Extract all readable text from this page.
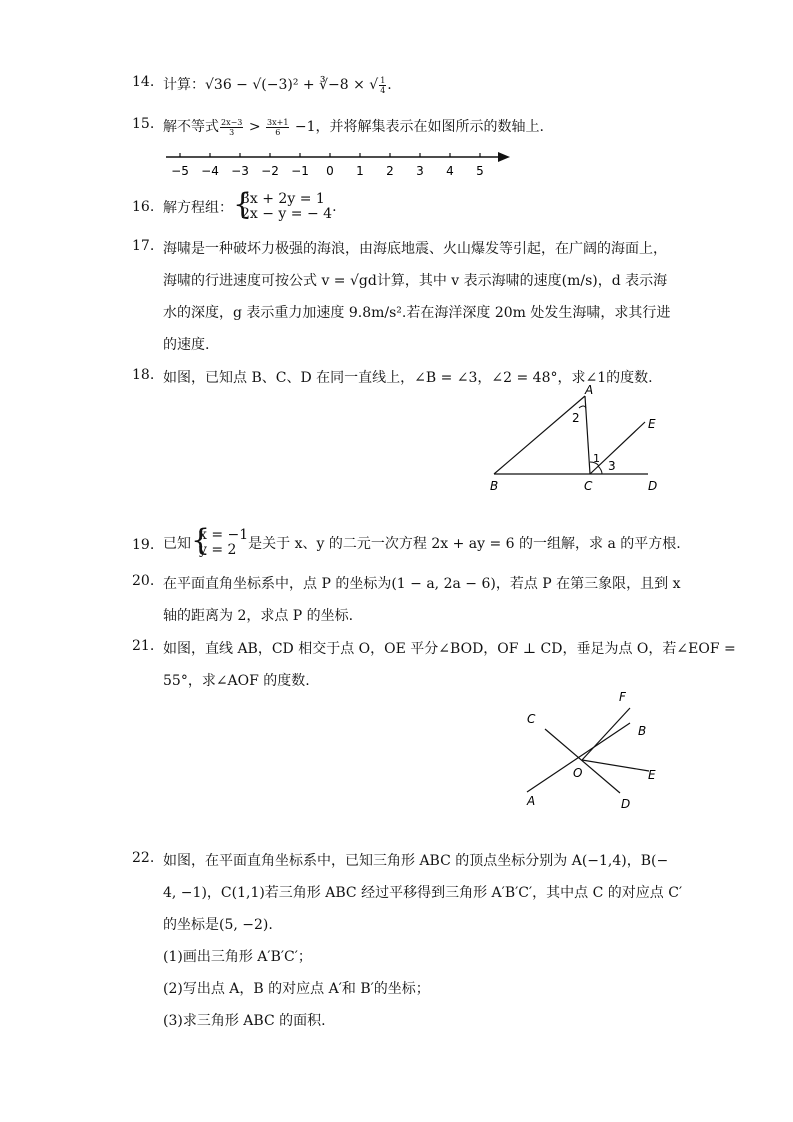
14. 计算：√36 − √(−3)² + ∛−8 × √ $\frac{1}{4}$ .
15. 解不等式 $\frac{2x-3}{3} > \frac{3x+1}{6} -1$，并将解集表示在如图所示的数轴上.
−5 −4 −3 −2 −1 0 1 2 3 4 5
16. 解方程组： {
3x + 2y = 1
2x − y = − 4 .
17. 海啸是一种破坏力极强的海浪，由海底地震、火山爆发等引起，在广阔的海面上，
海啸的行进速度可按公式 v = √gd计算，其中 v 表示海啸的速度(m/s)，d 表示海
水的深度，g 表示重力加速度 9.8m/s².若在海洋深度 20m 处发生海啸，求其行进
的速度.
18. 如图，已知点 B、C、D 在同一直线上，∠B = ∠3，∠2 = 48°，求∠1的度数.
A
2	E
1
3
B	C	D
19. 已知 {
x = −1
y = 2 是关于 x、y 的二元一次方程 2x + ay = 6 的一组解，求 a 的平方根.
20. 在平面直角坐标系中，点 P 的坐标为(1 − a, 2a − 6)，若点 P 在第三象限，且到 x
轴的距离为 2，求点 P 的坐标.
21. 如图，直线 AB，CD 相交于点 O，OE 平分∠BOD，OF ⊥ CD，垂足为点 O，若∠EOF =
55°，求∠AOF 的度数.
F
B
C
O	E
A	D
22. 如图，在平面直角坐标系中，已知三角形 ABC 的顶点坐标分别为 A(−1,4)，B(−
4, −1)，C(1,1)若三角形 ABC 经过平移得到三角形 A′B′C′，其中点 C 的对应点 C′
的坐标是(5, −2).
(1)画出三角形 A′B′C′；
(2)写出点 A，B 的对应点 A′和 B′的坐标；
(3)求三角形 ABC 的面积.
